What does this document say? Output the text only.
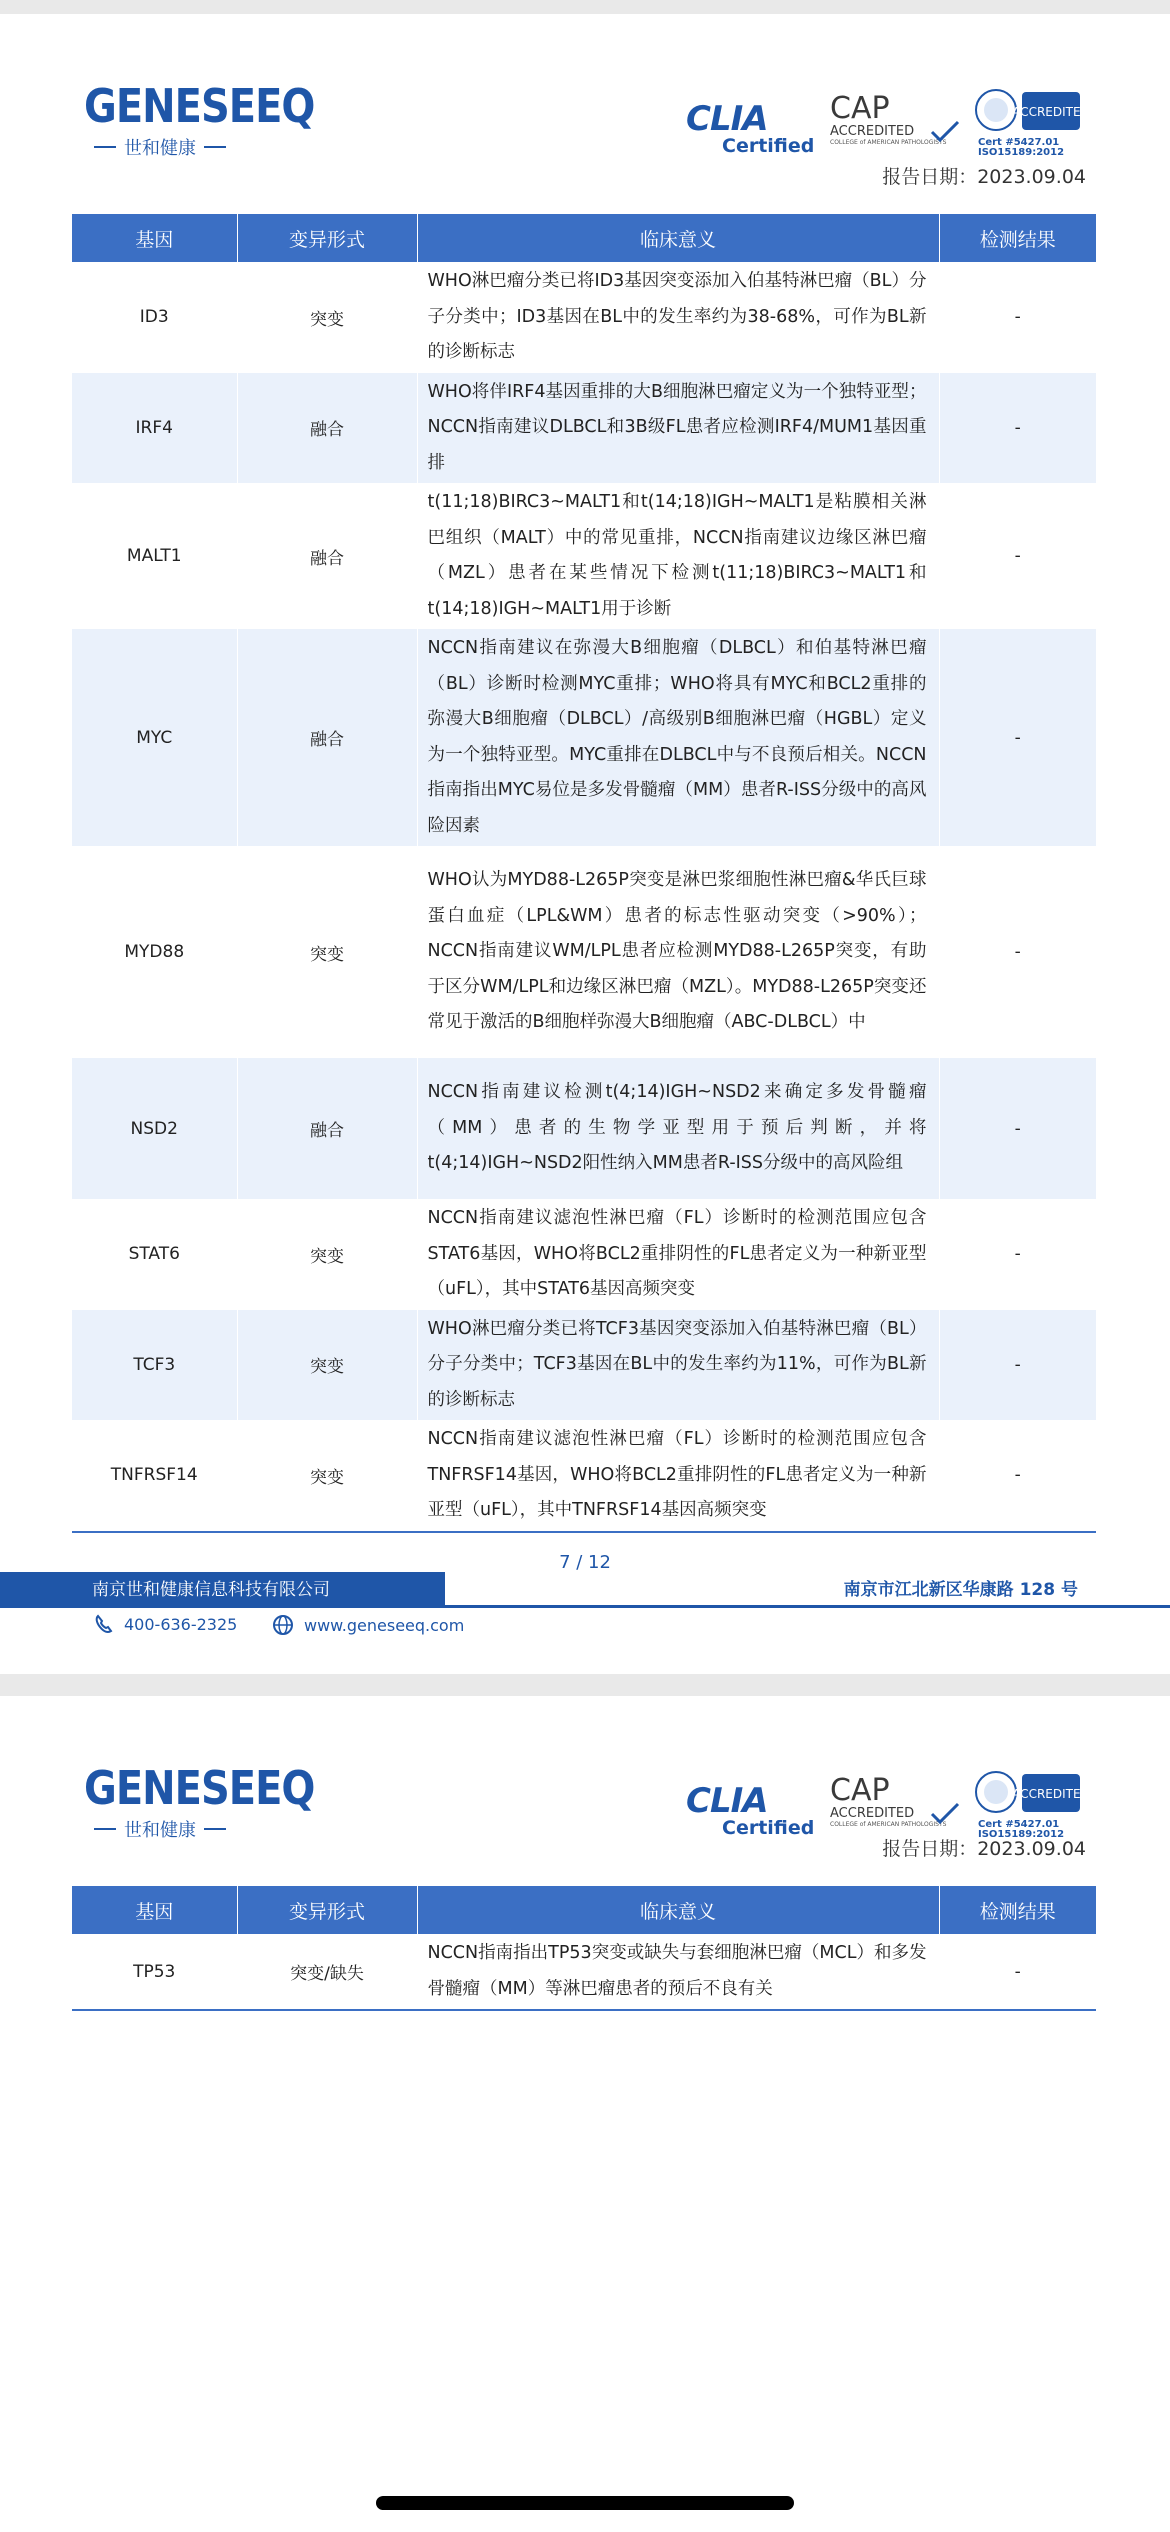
GENESEEQ
世和健康
CLIA
Certified
CAP
ACCREDITED
COLLEGE of AMERICAN PATHOLOGISTS
ACCREDITED
Cert #5427.01
ISO15189:2012
报告日期：2023.09.04
基因	变异形式	临床意义	检测结果
ID3	突变	WHO淋巴瘤分类已将ID3基因突变添加入伯基特淋巴瘤（BL）分子分类中；ID3基因在BL中的发生率约为38-68%，可作为BL新的诊断标志	-
IRF4	融合	WHO将伴IRF4基因重排的大B细胞淋巴瘤定义为一个独特亚型；NCCN指南建议DLBCL和3B级FL患者应检测IRF4/MUM1基因重排	-
MALT1	融合	t(11;18)BIRC3~MALT1和t(14;18)IGH~MALT1是粘膜相关淋巴组织（MALT）中的常见重排，NCCN指南建议边缘区淋巴瘤（MZL）患者在某些情况下检测t(11;18)BIRC3~MALT1和t(14;18)IGH~MALT1用于诊断	-
MYC	融合	NCCN指南建议在弥漫大B细胞瘤（DLBCL）和伯基特淋巴瘤（BL）诊断时检测MYC重排；WHO将具有MYC和BCL2重排的弥漫大B细胞瘤（DLBCL）/高级别B细胞淋巴瘤（HGBL）定义为一个独特亚型。MYC重排在DLBCL中与不良预后相关。NCCN指南指出MYC易位是多发骨髓瘤（MM）患者R-ISS分级中的高风险因素	-
MYD88	突变	WHO认为MYD88-L265P突变是淋巴浆细胞性淋巴瘤&华氏巨球蛋白血症（LPL&WM）患者的标志性驱动突变（>90%）；NCCN指南建议WM/LPL患者应检测MYD88-L265P突变，有助于区分WM/LPL和边缘区淋巴瘤（MZL）。MYD88-L265P突变还常见于激活的B细胞样弥漫大B细胞瘤（ABC-DLBCL）中	-
NSD2	融合	NCCN指南建议检测t(4;14)IGH~NSD2来确定多发骨髓瘤（MM）患者的生物学亚型用于预后判断，并将t(4;14)IGH~NSD2阳性纳入MM患者R-ISS分级中的高风险组	-
STAT6	突变	NCCN指南建议滤泡性淋巴瘤（FL）诊断时的检测范围应包含STAT6基因，WHO将BCL2重排阴性的FL患者定义为一种新亚型（uFL），其中STAT6基因高频突变	-
TCF3	突变	WHO淋巴瘤分类已将TCF3基因突变添加入伯基特淋巴瘤（BL）分子分类中；TCF3基因在BL中的发生率约为11%，可作为BL新的诊断标志	-
TNFRSF14	突变	NCCN指南建议滤泡性淋巴瘤（FL）诊断时的检测范围应包含TNFRSF14基因，WHO将BCL2重排阴性的FL患者定义为一种新亚型（uFL），其中TNFRSF14基因高频突变	-
7 / 12
南京世和健康信息科技有限公司	南京市江北新区华康路 128 号
400-636-2325	www.geneseeq.com
GENESEEQ
世和健康
CLIA
Certified
CAP
ACCREDITED
COLLEGE of AMERICAN PATHOLOGISTS
ACCREDITED
Cert #5427.01
ISO15189:2012
报告日期：2023.09.04
基因	变异形式	临床意义	检测结果
TP53	突变/缺失	NCCN指南指出TP53突变或缺失与套细胞淋巴瘤（MCL）和多发骨髓瘤（MM）等淋巴瘤患者的预后不良有关	-
